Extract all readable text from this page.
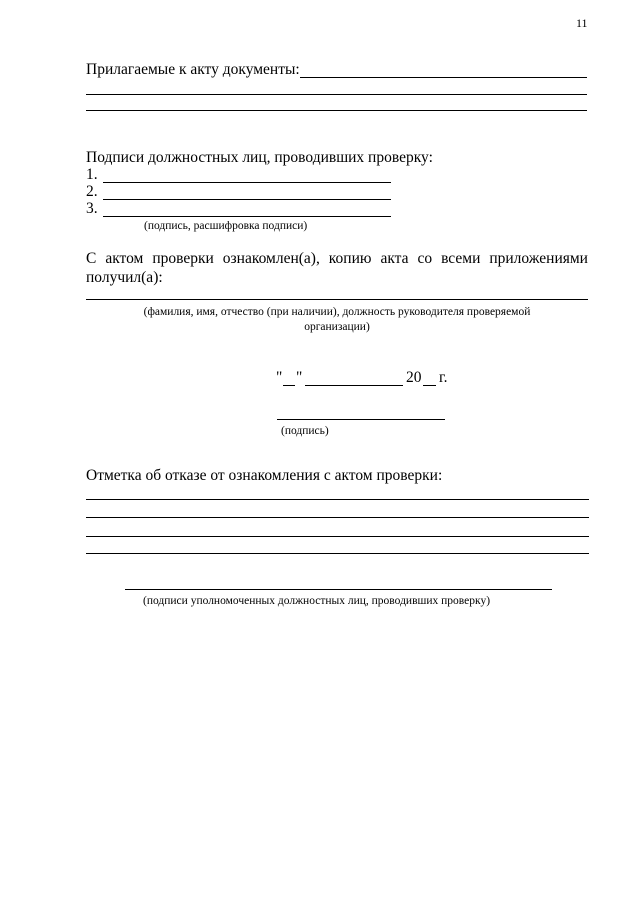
11
Прилагаемые к акту документы:
Подписи должностных лиц, проводивших проверку:
1.
2.
3.
(подпись, расшифровка подписи)
С актом проверки ознакомлен(а), копию акта со всеми приложениями
получил(а):
(фамилия, имя, отчество (при наличии), должность руководителя проверяемой
организации)
" "	20 г.
(подпись)
Отметка об отказе от ознакомления с актом проверки:
(подписи уполномоченных должностных лиц, проводивших проверку)
